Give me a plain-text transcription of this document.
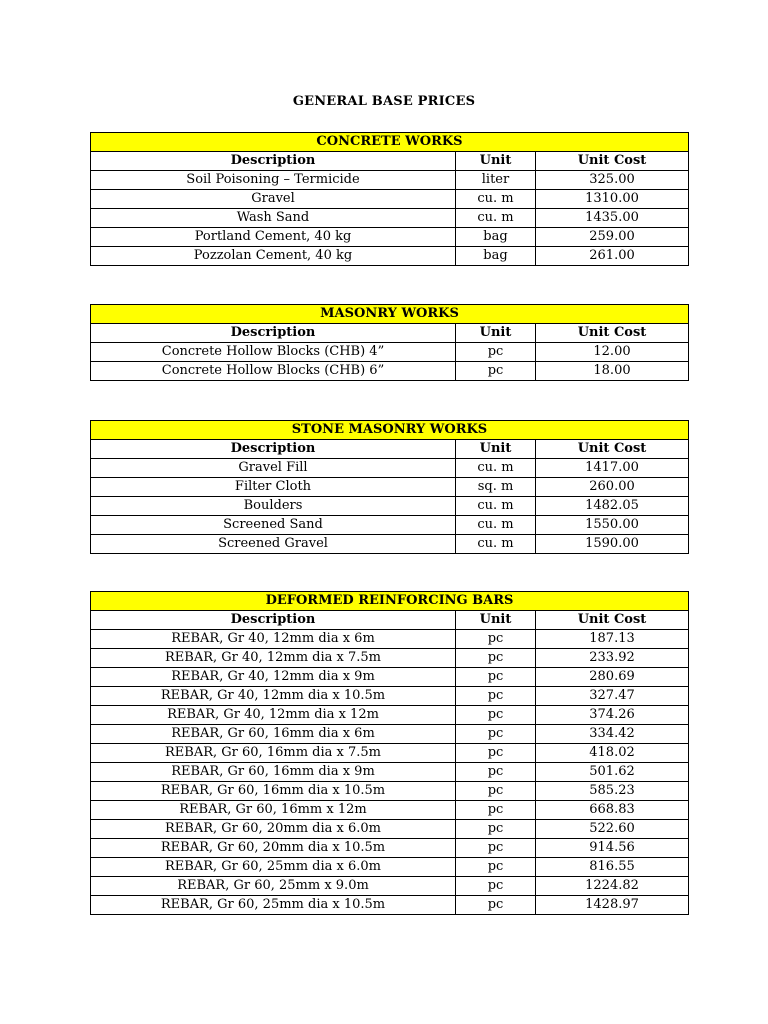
GENERAL BASE PRICES
CONCRETE WORKS		
Description	Unit	Unit Cost
Soil Poisoning – Termicide	liter	325.00
Gravel	cu. m	1310.00
Wash Sand	cu. m	1435.00
Portland Cement, 40 kg	bag	259.00
Pozzolan Cement, 40 kg	bag	261.00
MASONRY WORKS		
Description	Unit	Unit Cost
Concrete Hollow Blocks (CHB) 4”	pc	12.00
Concrete Hollow Blocks (CHB) 6”	pc	18.00
STONE MASONRY WORKS		
Description	Unit	Unit Cost
Gravel Fill	cu. m	1417.00
Filter Cloth	sq. m	260.00
Boulders	cu. m	1482.05
Screened Sand	cu. m	1550.00
Screened Gravel	cu. m	1590.00
DEFORMED REINFORCING BARS		
Description	Unit	Unit Cost
REBAR, Gr 40, 12mm dia x 6m	pc	187.13
REBAR, Gr 40, 12mm dia x 7.5m	pc	233.92
REBAR, Gr 40, 12mm dia x 9m	pc	280.69
REBAR, Gr 40, 12mm dia x 10.5m	pc	327.47
REBAR, Gr 40, 12mm dia x 12m	pc	374.26
REBAR, Gr 60, 16mm dia x 6m	pc	334.42
REBAR, Gr 60, 16mm dia x 7.5m	pc	418.02
REBAR, Gr 60, 16mm dia x 9m	pc	501.62
REBAR, Gr 60, 16mm dia x 10.5m	pc	585.23
REBAR, Gr 60, 16mm x 12m	pc	668.83
REBAR, Gr 60, 20mm dia x 6.0m	pc	522.60
REBAR, Gr 60, 20mm dia x 10.5m	pc	914.56
REBAR, Gr 60, 25mm dia x 6.0m	pc	816.55
REBAR, Gr 60, 25mm x 9.0m	pc	1224.82
REBAR, Gr 60, 25mm dia x 10.5m	pc	1428.97
